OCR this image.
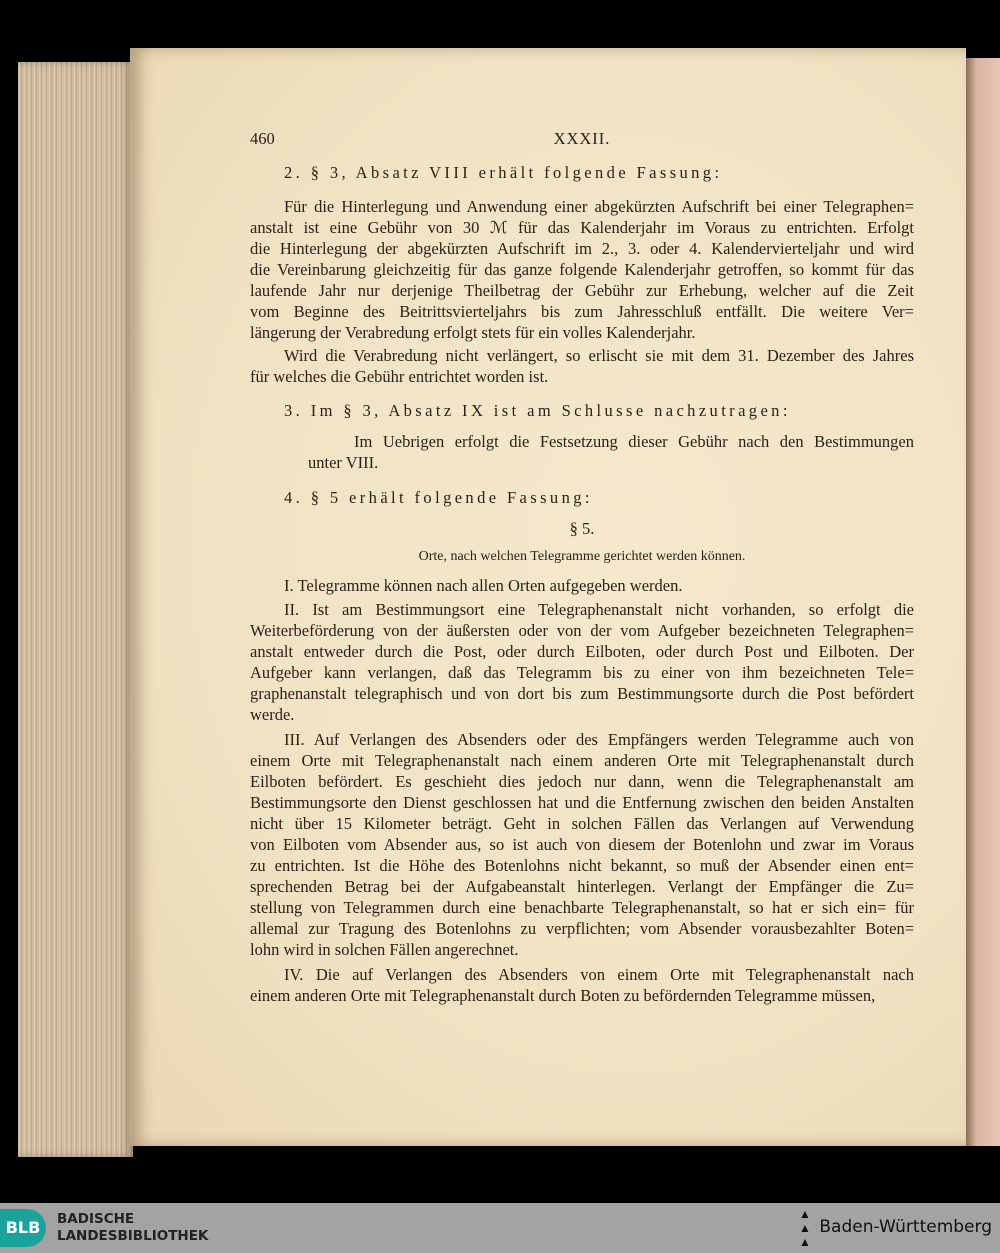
460	XXXII.
2. § 3, Absatz VIII erhält folgende Fassung:
Für die Hinterlegung und Anwendung einer abgekürzten Aufschrift bei einer Telegraphen=
anstalt ist eine Gebühr von 30 ℳ für das Kalenderjahr im Voraus zu entrichten. Erfolgt
die Hinterlegung der abgekürzten Aufschrift im 2., 3. oder 4. Kalendervierteljahr und wird
die Vereinbarung gleichzeitig für das ganze folgende Kalenderjahr getroffen, so kommt für das
laufende Jahr nur derjenige Theilbetrag der Gebühr zur Erhebung, welcher auf die Zeit
vom Beginne des Beitrittsvierteljahrs bis zum Jahresschluß entfällt. Die weitere Ver=
längerung der Verabredung erfolgt stets für ein volles Kalenderjahr.
Wird die Verabredung nicht verlängert, so erlischt sie mit dem 31. Dezember des Jahres
für welches die Gebühr entrichtet worden ist.
3. Im § 3, Absatz IX ist am Schlusse nachzutragen:
Im Uebrigen erfolgt die Festsetzung dieser Gebühr nach den Bestimmungen
unter VIII.
4. § 5 erhält folgende Fassung:
§ 5.
Orte, nach welchen Telegramme gerichtet werden können.
I. Telegramme können nach allen Orten aufgegeben werden.
II. Ist am Bestimmungsort eine Telegraphenanstalt nicht vorhanden, so erfolgt die
Weiterbeförderung von der äußersten oder von der vom Aufgeber bezeichneten Telegraphen=
anstalt entweder durch die Post, oder durch Eilboten, oder durch Post und Eilboten. Der
Aufgeber kann verlangen, daß das Telegramm bis zu einer von ihm bezeichneten Tele=
graphenanstalt telegraphisch und von dort bis zum Bestimmungsorte durch die Post befördert
werde.
III. Auf Verlangen des Absenders oder des Empfängers werden Telegramme auch von
einem Orte mit Telegraphenanstalt nach einem anderen Orte mit Telegraphenanstalt durch
Eilboten befördert. Es geschieht dies jedoch nur dann, wenn die Telegraphenanstalt am
Bestimmungsorte den Dienst geschlossen hat und die Entfernung zwischen den beiden Anstalten
nicht über 15 Kilometer beträgt. Geht in solchen Fällen das Verlangen auf Verwendung
von Eilboten vom Absender aus, so ist auch von diesem der Botenlohn und zwar im Voraus
zu entrichten. Ist die Höhe des Botenlohns nicht bekannt, so muß der Absender einen ent=
sprechenden Betrag bei der Aufgabeanstalt hinterlegen. Verlangt der Empfänger die Zu=
stellung von Telegrammen durch eine benachbarte Telegraphenanstalt, so hat er sich ein= für
allemal zur Tragung des Botenlohns zu verpflichten; vom Absender vorausbezahlter Boten=
lohn wird in solchen Fällen angerechnet.
IV. Die auf Verlangen des Absenders von einem Orte mit Telegraphenanstalt nach
einem anderen Orte mit Telegraphenanstalt durch Boten zu befördernden Telegramme müssen,
BLB	BADISCHE
LANDESBIBLIOTHEK
▲
▲
▲
Baden-Württemberg
